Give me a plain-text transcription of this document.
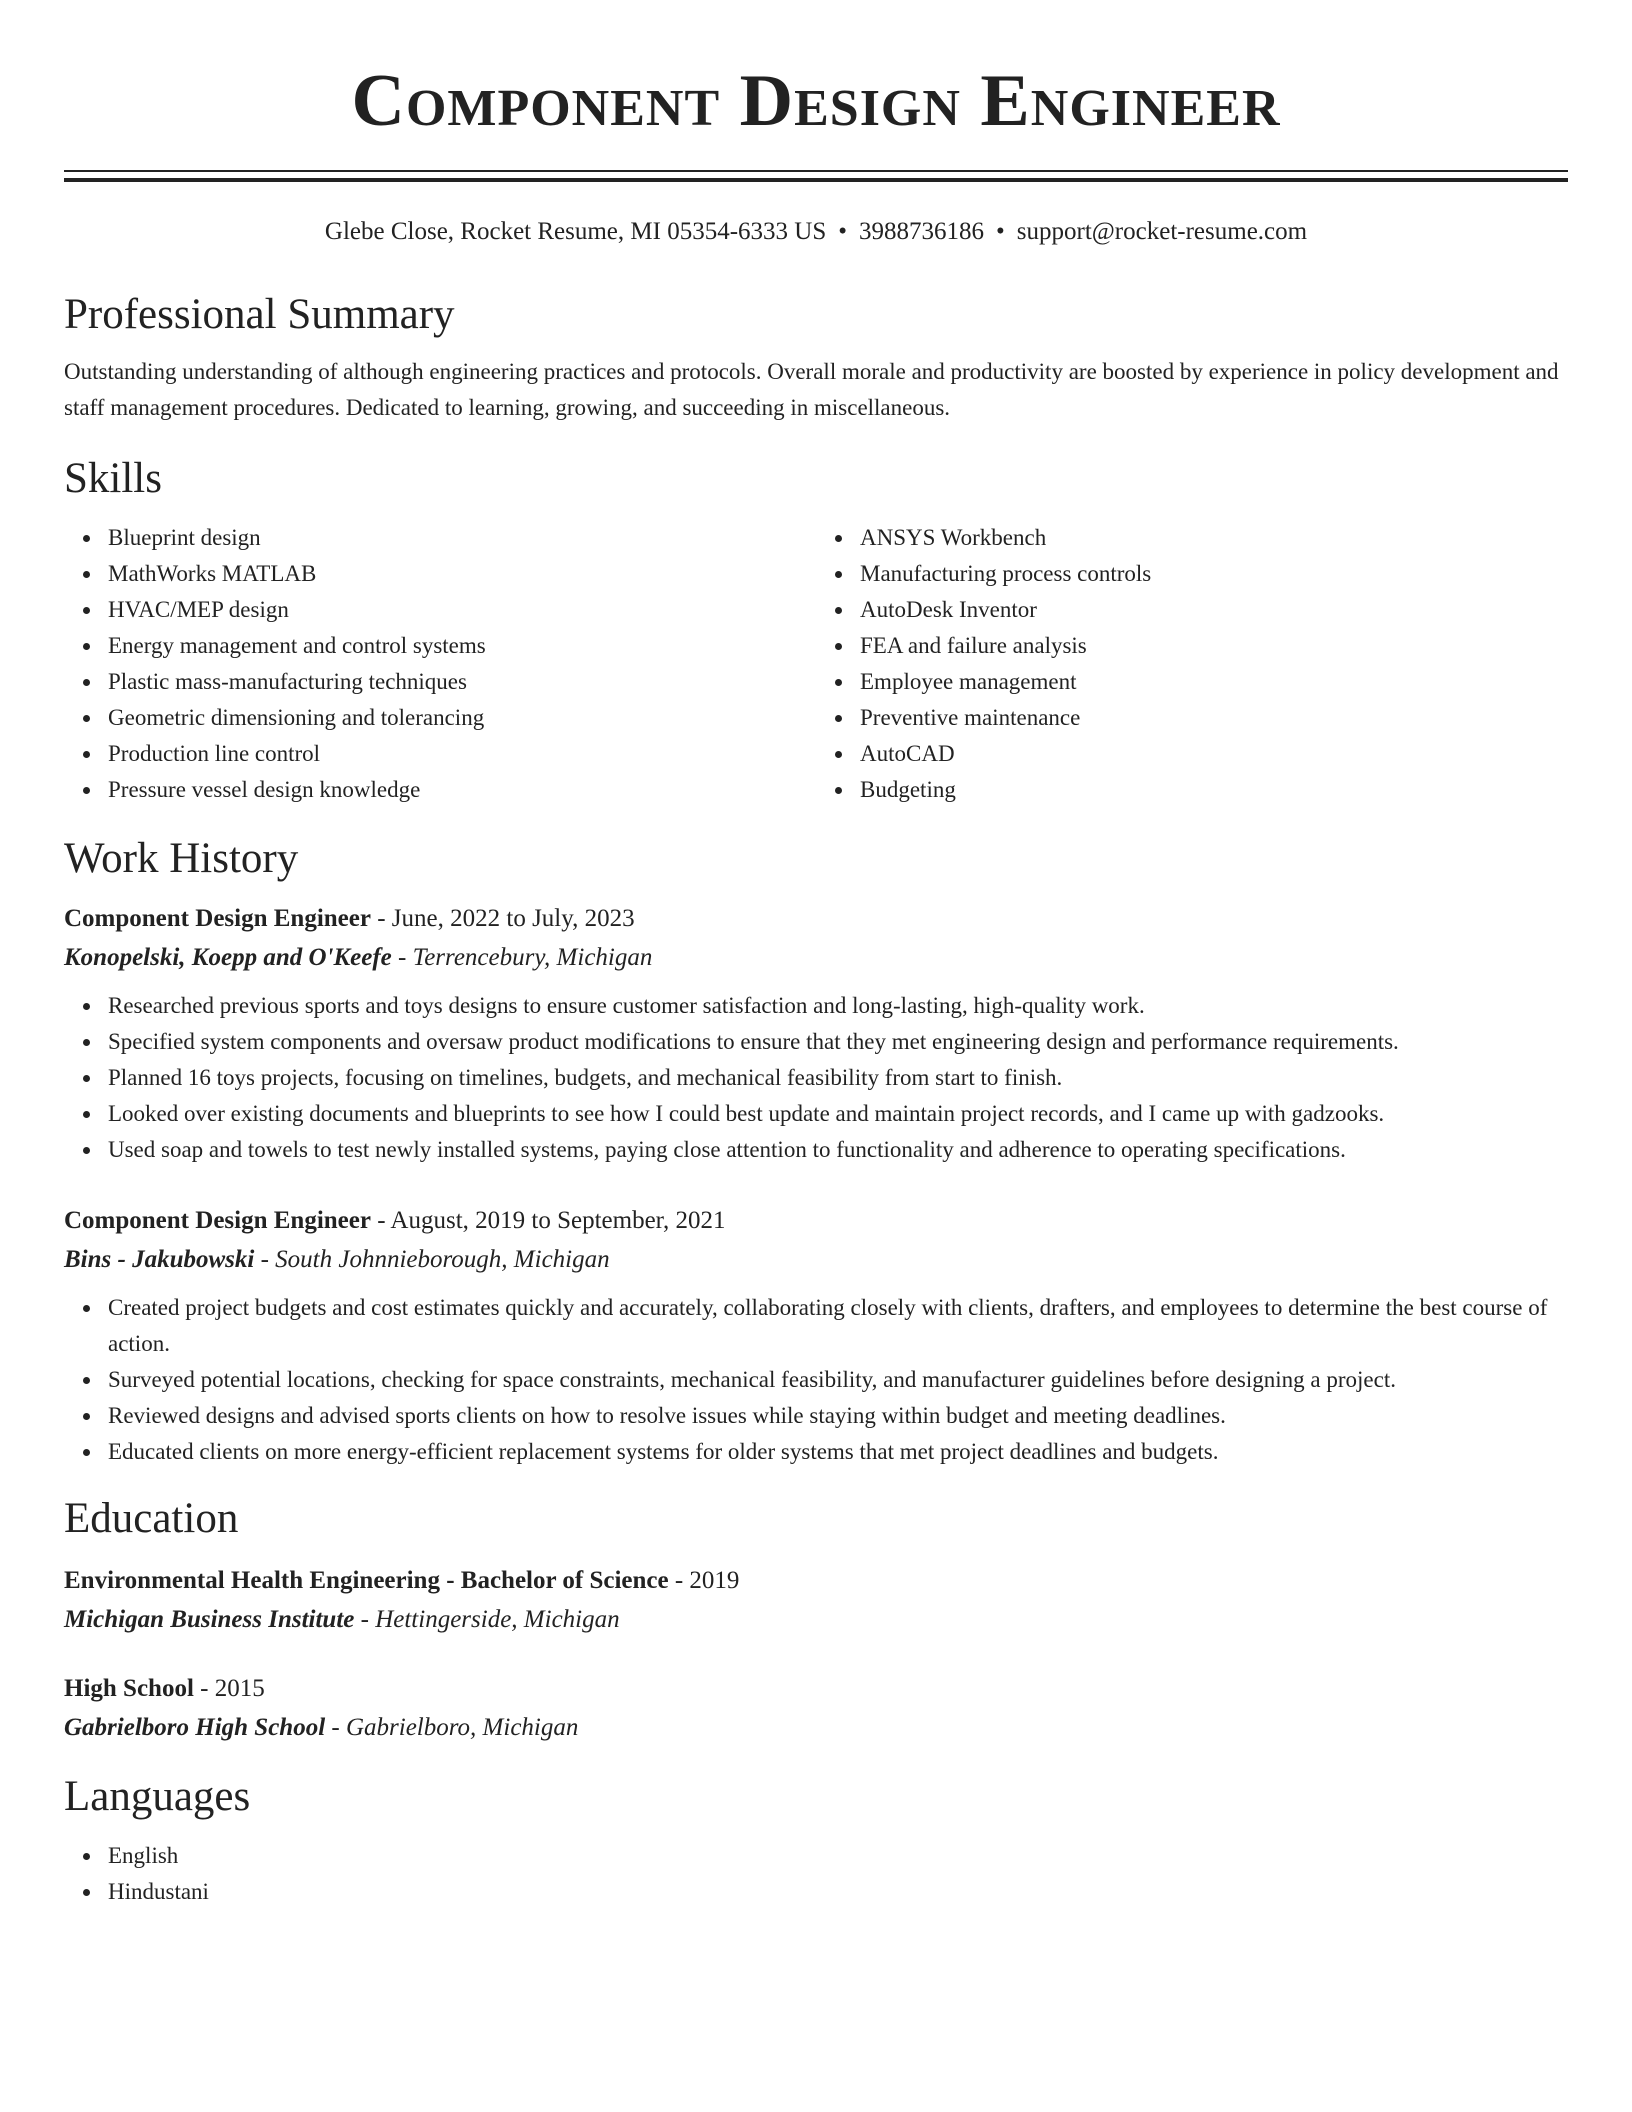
Component Design Engineer
Glebe Close, Rocket Resume, MI 05354-6333 US • 3988736186 • support@rocket-resume.com
Professional Summary
Outstanding understanding of although engineering practices and protocols. Overall morale and productivity are boosted by experience in policy development and staff management procedures. Dedicated to learning, growing, and succeeding in miscellaneous.
Skills
Blueprint design
MathWorks MATLAB
HVAC/MEP design
Energy management and control systems
Plastic mass-manufacturing techniques
Geometric dimensioning and tolerancing
Production line control
Pressure vessel design knowledge
ANSYS Workbench
Manufacturing process controls
AutoDesk Inventor
FEA and failure analysis
Employee management
Preventive maintenance
AutoCAD
Budgeting
Work History
Component Design Engineer - June, 2022 to July, 2023
Konopelski, Koepp and O'Keefe - Terrencebury, Michigan
Researched previous sports and toys designs to ensure customer satisfaction and long-lasting, high-quality work.
Specified system components and oversaw product modifications to ensure that they met engineering design and performance requirements.
Planned 16 toys projects, focusing on timelines, budgets, and mechanical feasibility from start to finish.
Looked over existing documents and blueprints to see how I could best update and maintain project records, and I came up with gadzooks.
Used soap and towels to test newly installed systems, paying close attention to functionality and adherence to operating specifications.
Component Design Engineer - August, 2019 to September, 2021
Bins - Jakubowski - South Johnnieborough, Michigan
Created project budgets and cost estimates quickly and accurately, collaborating closely with clients, drafters, and employees to determine the best course of action.
Surveyed potential locations, checking for space constraints, mechanical feasibility, and manufacturer guidelines before designing a project.
Reviewed designs and advised sports clients on how to resolve issues while staying within budget and meeting deadlines.
Educated clients on more energy-efficient replacement systems for older systems that met project deadlines and budgets.
Education
Environmental Health Engineering - Bachelor of Science - 2019
Michigan Business Institute - Hettingerside, Michigan
High School - 2015
Gabrielboro High School - Gabrielboro, Michigan
Languages
English
Hindustani
